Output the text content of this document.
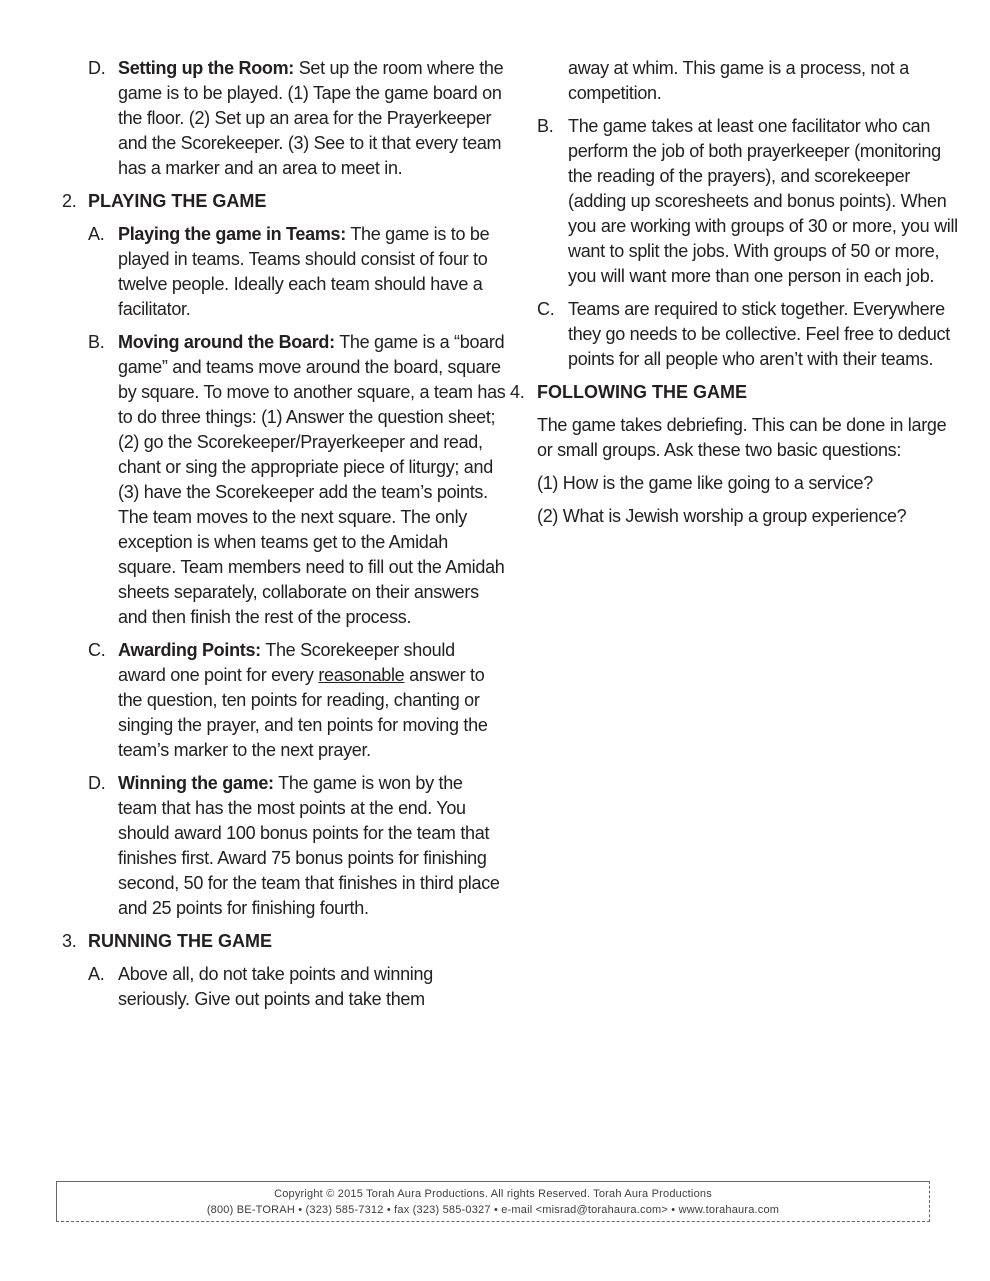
D. Setting up the Room: Set up the room where the game is to be played. (1) Tape the game board on the floor. (2) Set up an area for the Prayerkeeper and the Scorekeeper. (3) See to it that every team has a marker and an area to meet in.
2. PLAYING THE GAME
A. Playing the game in Teams: The game is to be played in teams. Teams should consist of four to twelve people. Ideally each team should have a facilitator.
B. Moving around the Board: The game is a “board game” and teams move around the board, square by square. To move to another square, a team has to do three things: (1) Answer the question sheet; (2) go the Scorekeeper/Prayerkeeper and read, chant or sing the appropriate piece of liturgy; and (3) have the Scorekeeper add the team’s points. The team moves to the next square. The only exception is when teams get to the Amidah square. Team members need to fill out the Amidah sheets separately, collaborate on their answers and then finish the rest of the process.
C. Awarding Points: The Scorekeeper should award one point for every reasonable answer to the question, ten points for reading, chanting or singing the prayer, and ten points for moving the team’s marker to the next prayer.
D. Winning the game: The game is won by the team that has the most points at the end. You should award 100 bonus points for the team that finishes first. Award 75 bonus points for finishing second, 50 for the team that finishes in third place and 25 points for finishing fourth.
3. RUNNING THE GAME
A. Above all, do not take points and winning seriously. Give out points and take them
away at whim. This game is a process, not a competition.
B. The game takes at least one facilitator who can perform the job of both prayerkeeper (monitoring the reading of the prayers), and scorekeeper (adding up scoresheets and bonus points). When you are working with groups of 30 or more, you will want to split the jobs. With groups of 50 or more, you will want more than one person in each job.
C. Teams are required to stick together. Everywhere they go needs to be collective. Feel free to deduct points for all people who aren’t with their teams.
4. FOLLOWING THE GAME
The game takes debriefing. This can be done in large or small groups. Ask these two basic questions:
(1) How is the game like going to a service?
(2) What is Jewish worship a group experience?
Copyright © 2015 Torah Aura Productions. All rights Reserved. Torah Aura Productions
(800) BE-TORAH • (323) 585-7312 • fax (323) 585-0327 • e-mail <misrad@torahaura.com> • www.torahaura.com
